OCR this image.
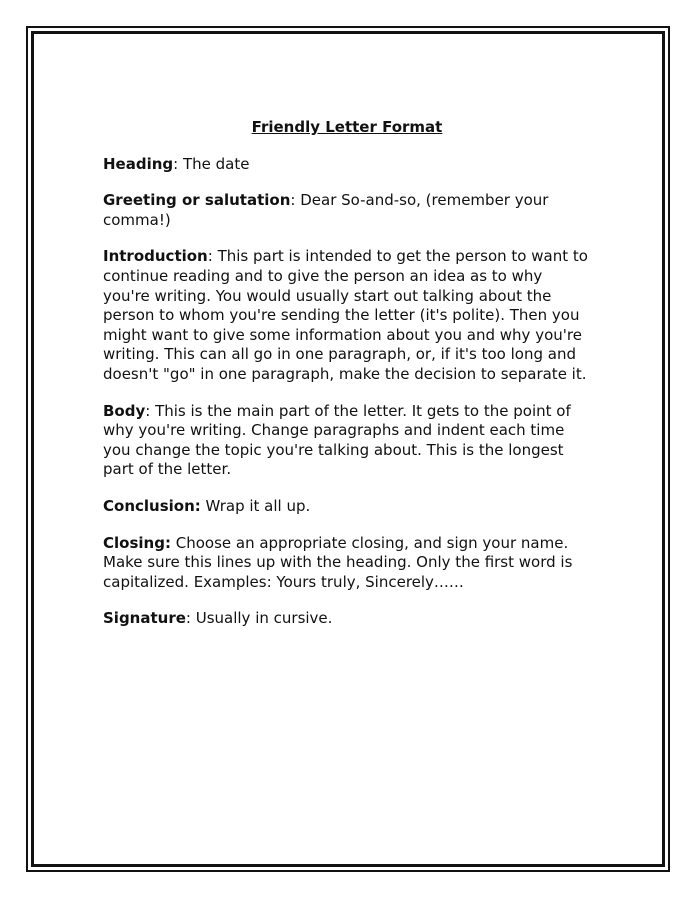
Friendly Letter Format

Heading: The date

Greeting or salutation: Dear So-and-so, (remember your comma!)

Introduction: This part is intended to get the person to want to continue reading and to give the person an idea as to why you're writing. You would usually start out talking about the person to whom you're sending the letter (it's polite). Then you might want to give some information about you and why you're writing. This can all go in one paragraph, or, if it's too long and doesn't "go" in one paragraph, make the decision to separate it.

Body: This is the main part of the letter. It gets to the point of why you're writing. Change paragraphs and indent each time you change the topic you're talking about. This is the longest part of the letter.

Conclusion: Wrap it all up.

Closing: Choose an appropriate closing, and sign your name. Make sure this lines up with the heading. Only the first word is capitalized. Examples: Yours truly, Sincerely……

Signature: Usually in cursive.
